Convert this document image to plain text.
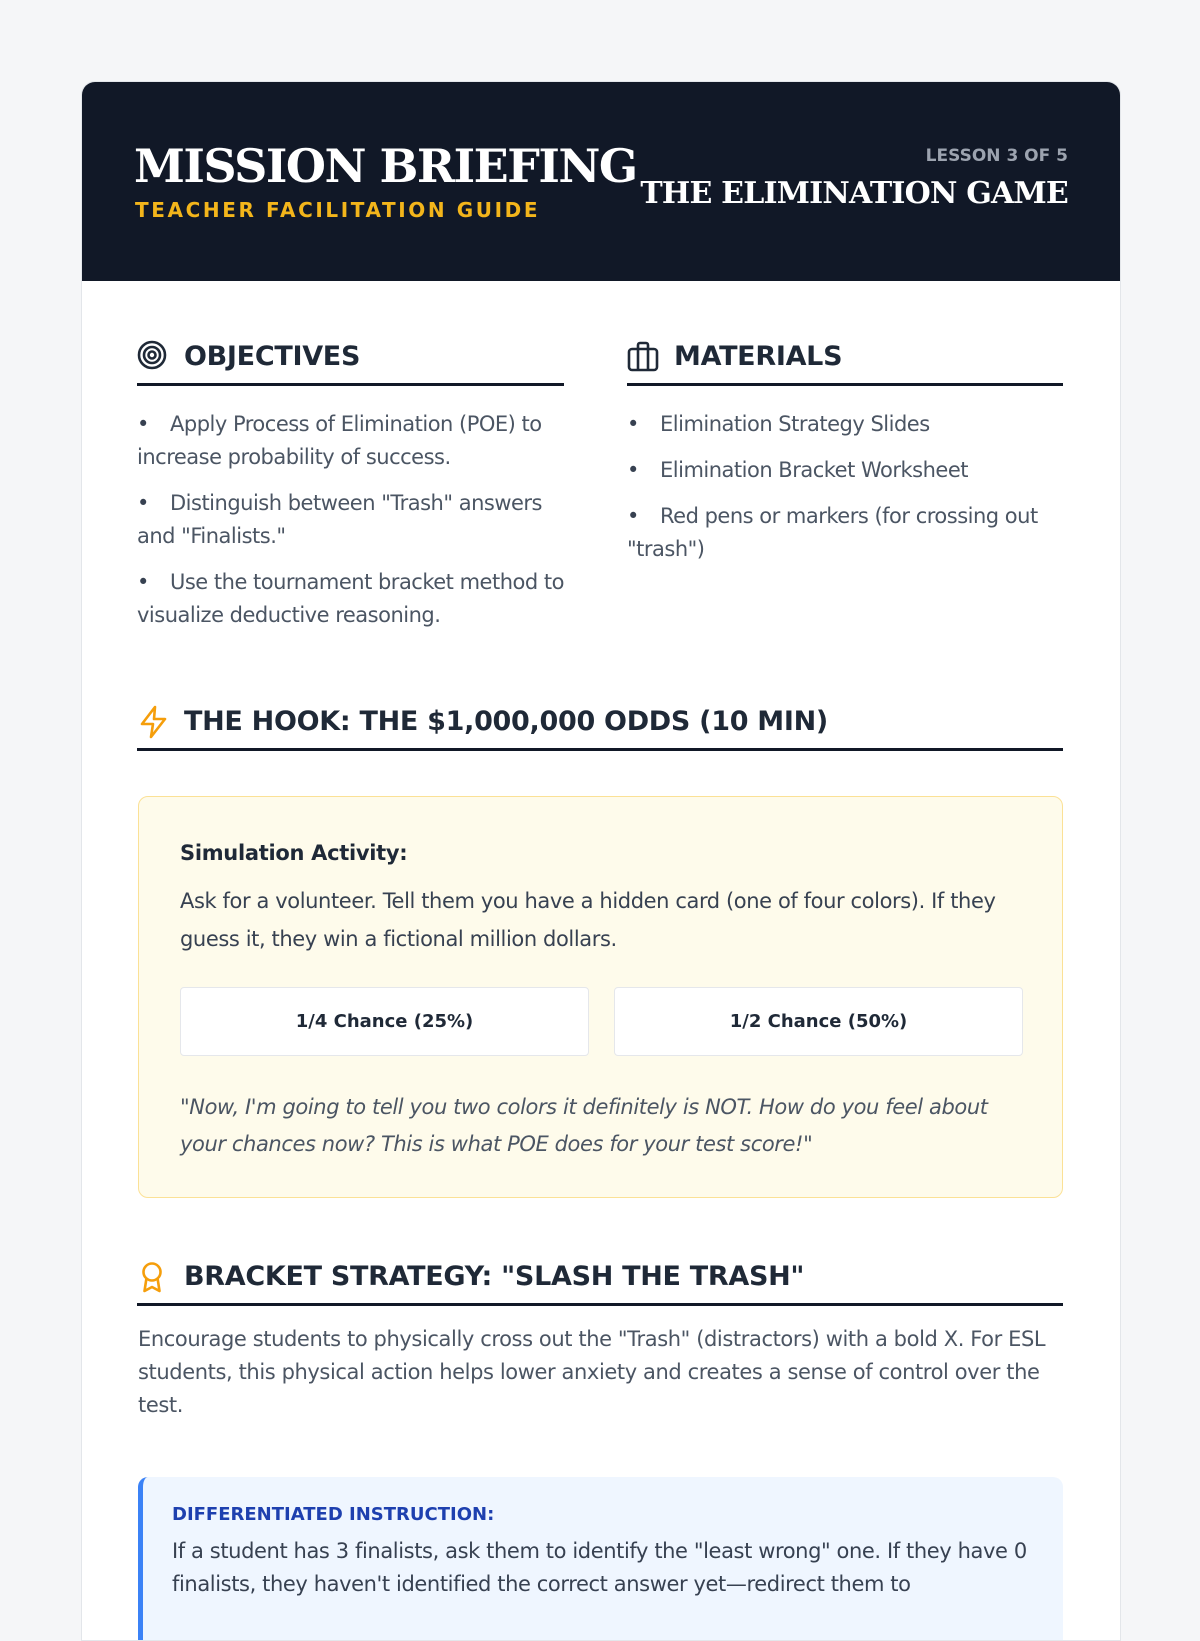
MISSION BRIEFING
TEACHER FACILITATION GUIDE
LESSON 3 OF 5
THE ELIMINATION GAME
OBJECTIVES
• Apply Process of Elimination (POE) to increase probability of success.
• Distinguish between "Trash" answers and "Finalists."
• Use the tournament bracket method to visualize deductive reasoning.
MATERIALS
• Elimination Strategy Slides
• Elimination Bracket Worksheet
• Red pens or markers (for crossing out "trash")
THE HOOK: THE $1,000,000 ODDS (10 MIN)
Simulation Activity:
Ask for a volunteer. Tell them you have a hidden card (one of four colors). If they guess it, they win a fictional million dollars.
1/4 Chance (25%)	1/2 Chance (50%)
"Now, I'm going to tell you two colors it definitely is NOT. How do you feel about your chances now? This is what POE does for your test score!"
BRACKET STRATEGY: "SLASH THE TRASH"
Encourage students to physically cross out the "Trash" (distractors) with a bold X. For ESL students, this physical action helps lower anxiety and creates a sense of control over the test.
DIFFERENTIATED INSTRUCTION:
If a student has 3 finalists, ask them to identify the "least wrong" one. If they have 0 finalists, they haven't identified the correct answer yet—redirect them to
